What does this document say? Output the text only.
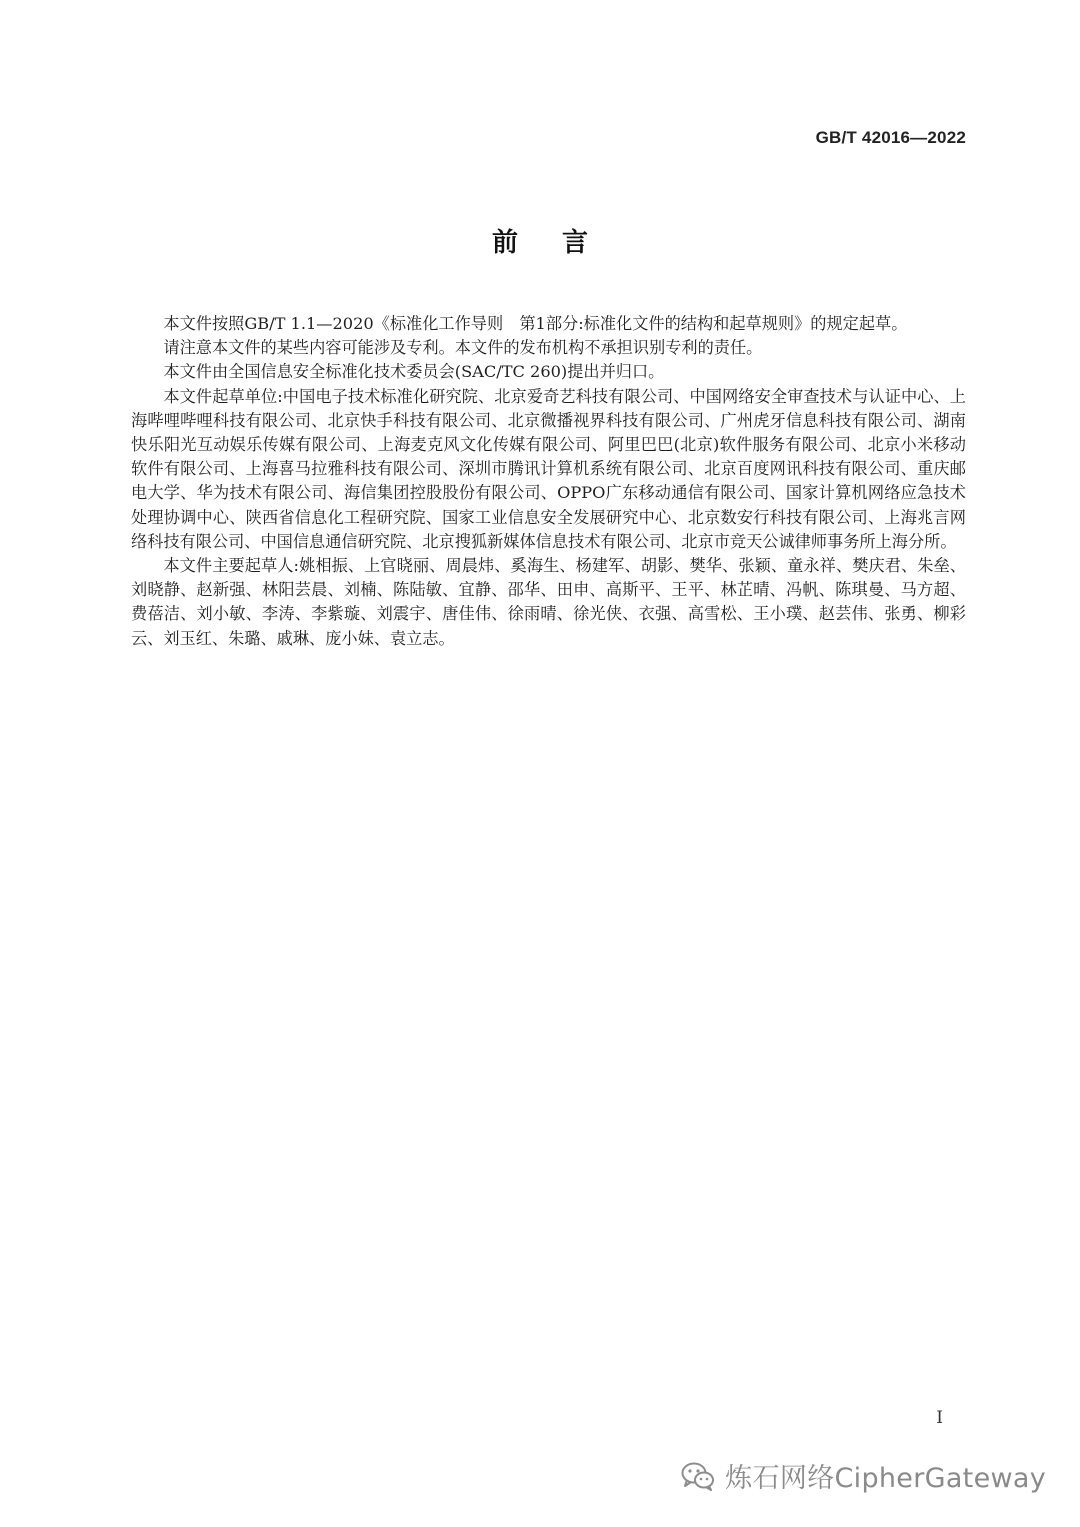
GB/T 42016—2022
前言

本文件按照GB/T 1.1—2020《标准化工作导则　第1部分:标准化文件的结构和起草规则》的规定起草。

请注意本文件的某些内容可能涉及专利。本文件的发布机构不承担识别专利的责任。

本文件由全国信息安全标准化技术委员会(SAC/TC 260)提出并归口。

本文件起草单位:中国电子技术标准化研究院、北京爱奇艺科技有限公司、中国网络安全审查技术与认证中心、上海哔哩哔哩科技有限公司、北京快手科技有限公司、北京微播视界科技有限公司、广州虎牙信息科技有限公司、湖南快乐阳光互动娱乐传媒有限公司、上海麦克风文化传媒有限公司、阿里巴巴(北京)软件服务有限公司、北京小米移动软件有限公司、上海喜马拉雅科技有限公司、深圳市腾讯计算机系统有限公司、北京百度网讯科技有限公司、重庆邮电大学、华为技术有限公司、海信集团控股股份有限公司、OPPO广东移动通信有限公司、国家计算机网络应急技术处理协调中心、陕西省信息化工程研究院、国家工业信息安全发展研究中心、北京数安行科技有限公司、上海兆言网络科技有限公司、中国信息通信研究院、北京搜狐新媒体信息技术有限公司、北京市竞天公诚律师事务所上海分所。

本文件主要起草人:姚相振、上官晓丽、周晨炜、奚海生、杨建军、胡影、樊华、张颖、童永祥、樊庆君、朱垒、刘晓静、赵新强、林阳芸晨、刘楠、陈陆敏、宜静、邵华、田申、高斯平、王平、林芷晴、冯帆、陈琪曼、马方超、费蓓洁、刘小敏、李涛、李紫璇、刘震宇、唐佳伟、徐雨晴、徐光侠、衣强、高雪松、王小璞、赵芸伟、张勇、柳彩云、刘玉红、朱璐、戚琳、庞小妹、袁立志。

I
炼石网络CipherGateway
